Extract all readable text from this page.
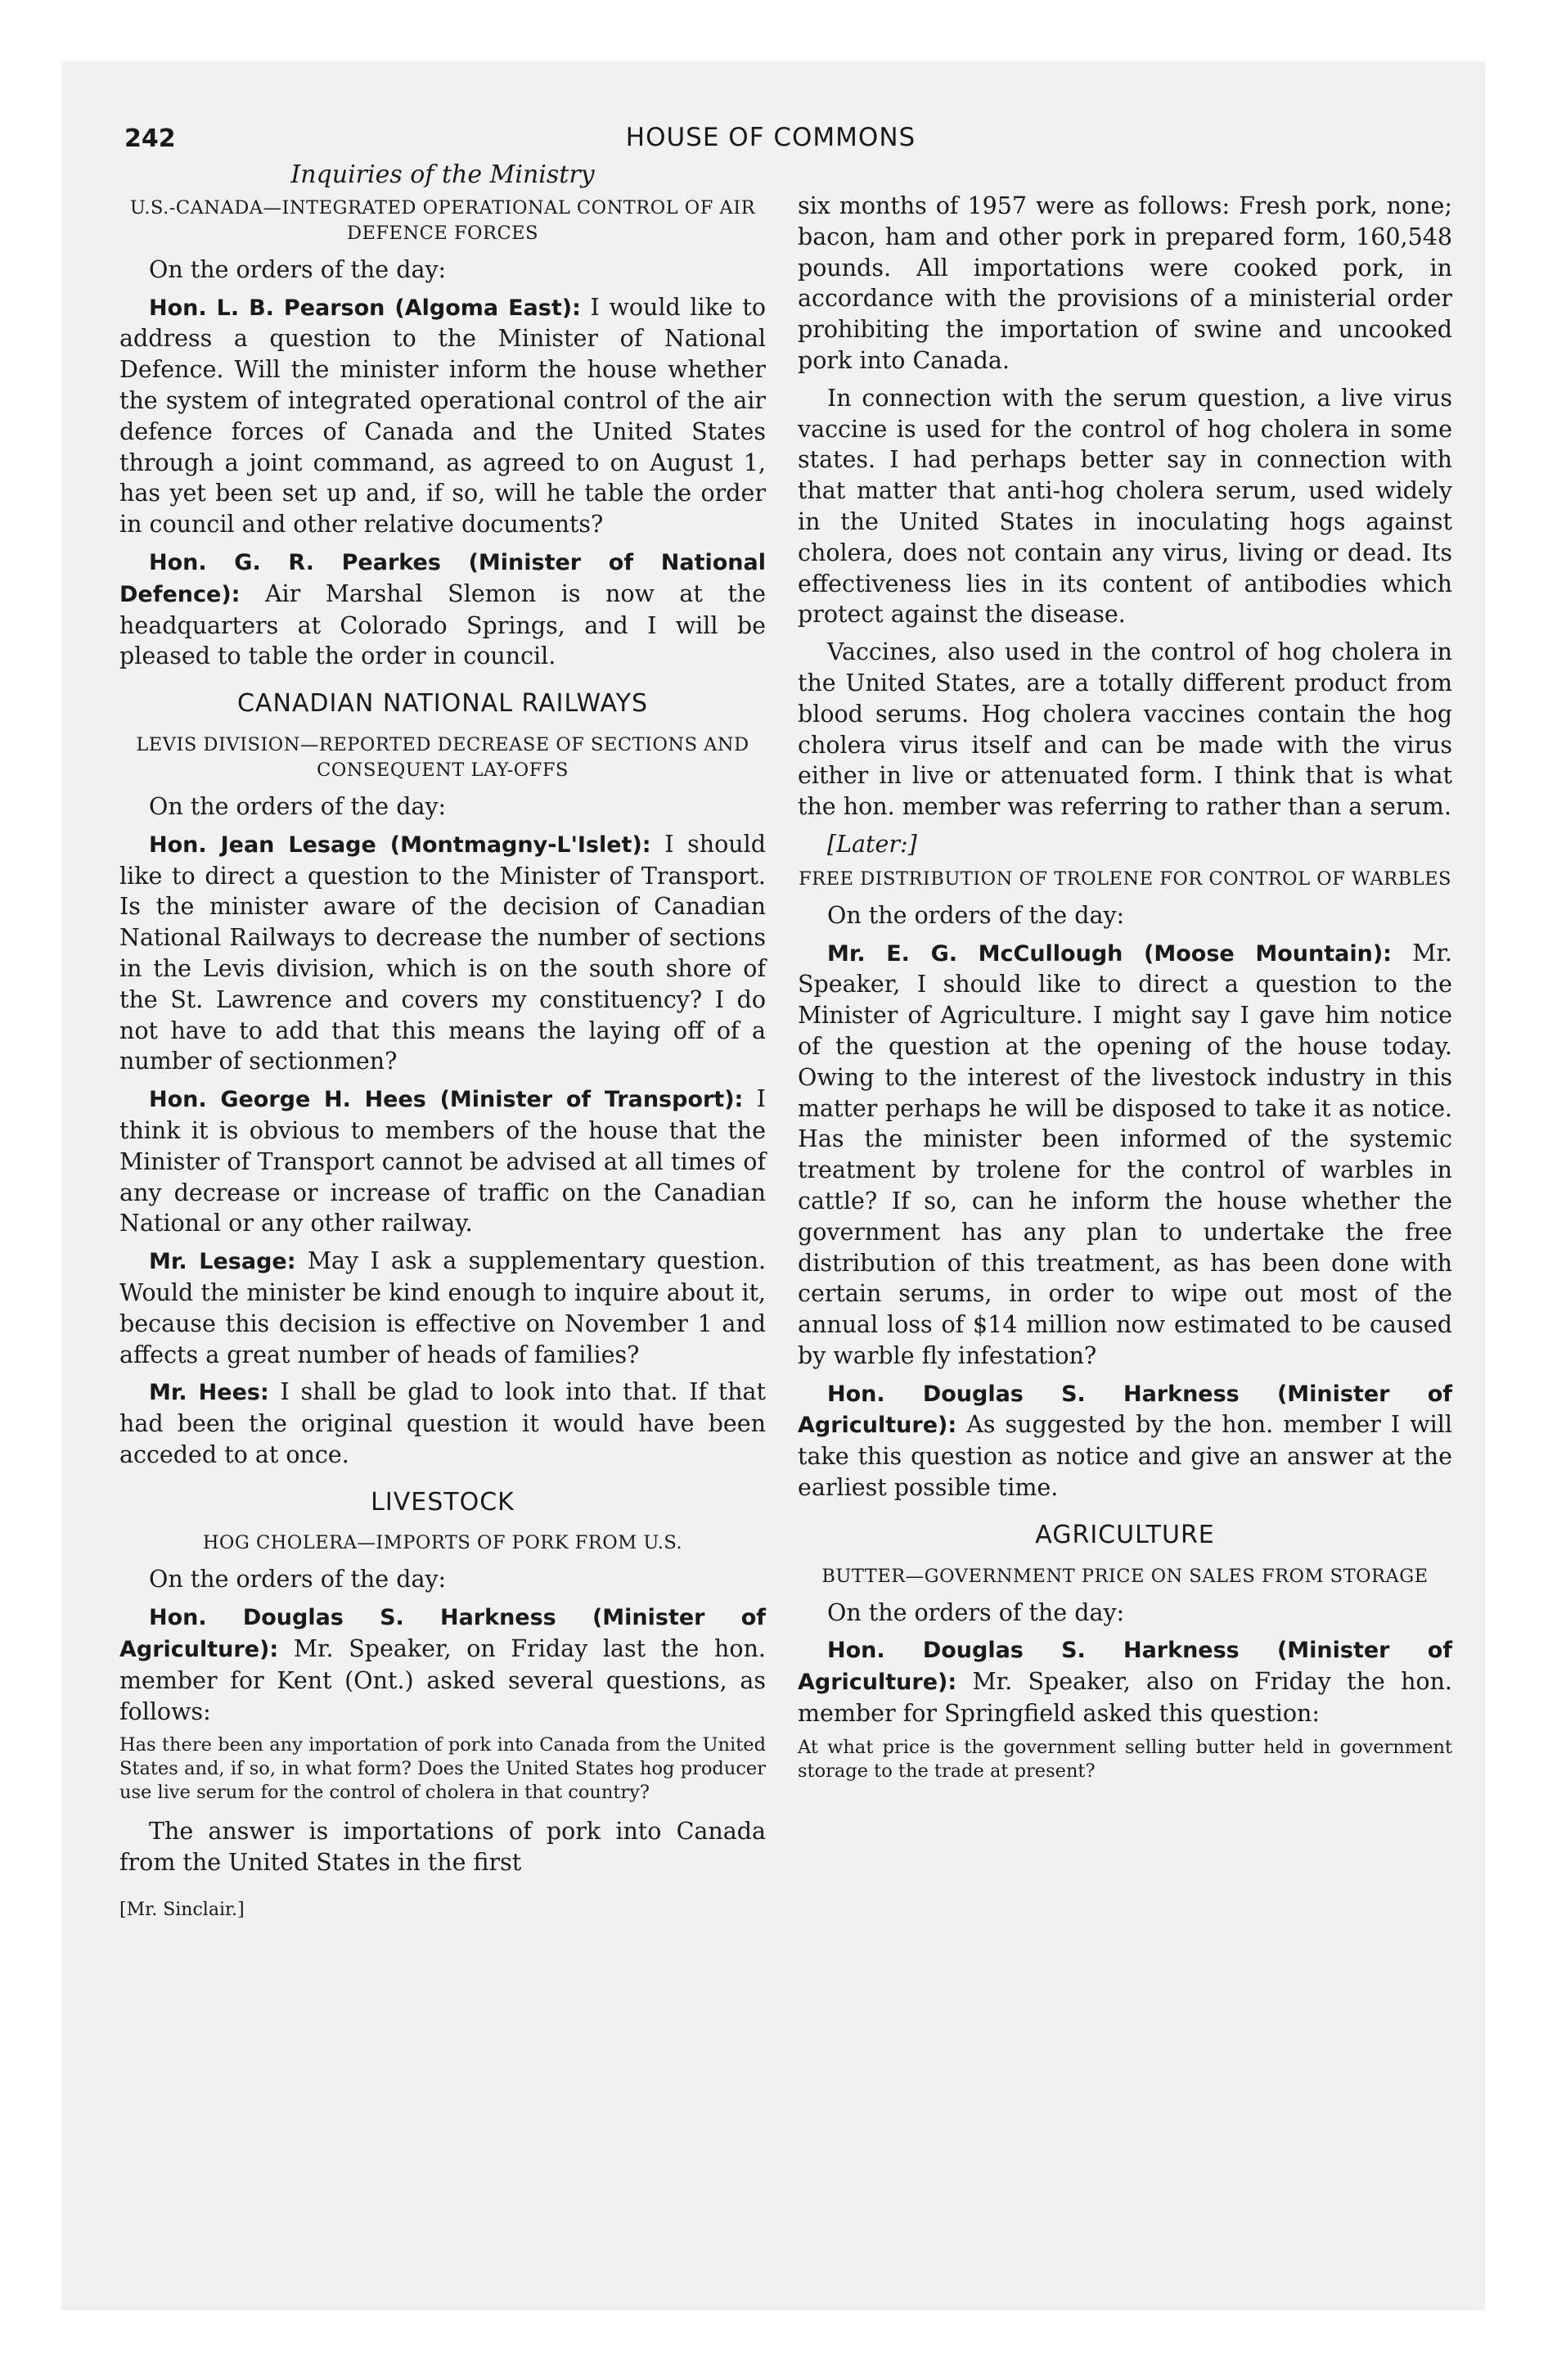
242	HOUSE OF COMMONS

Inquiries of the Ministry

U.S.-CANADA—INTEGRATED OPERATIONAL CONTROL OF AIR DEFENCE FORCES

On the orders of the day:

Hon. L. B. Pearson (Algoma East): I would like to address a question to the Minister of National Defence. Will the minister inform the house whether the system of integrated operational control of the air defence forces of Canada and the United States through a joint command, as agreed to on August 1, has yet been set up and, if so, will he table the order in council and other relative documents?

Hon. G. R. Pearkes (Minister of National Defence): Air Marshal Slemon is now at the headquarters at Colorado Springs, and I will be pleased to table the order in council.

CANADIAN NATIONAL RAILWAYS

LEVIS DIVISION—REPORTED DECREASE OF SECTIONS AND CONSEQUENT LAY-OFFS

On the orders of the day:

Hon. Jean Lesage (Montmagny-L'Islet): I should like to direct a question to the Minister of Transport. Is the minister aware of the decision of Canadian National Railways to decrease the number of sections in the Levis division, which is on the south shore of the St. Lawrence and covers my constituency? I do not have to add that this means the laying off of a number of sectionmen?

Hon. George H. Hees (Minister of Transport): I think it is obvious to members of the house that the Minister of Transport cannot be advised at all times of any decrease or increase of traffic on the Canadian National or any other railway.

Mr. Lesage: May I ask a supplementary question. Would the minister be kind enough to inquire about it, because this decision is effective on November 1 and affects a great number of heads of families?

Mr. Hees: I shall be glad to look into that. If that had been the original question it would have been acceded to at once.

LIVESTOCK

HOG CHOLERA—IMPORTS OF PORK FROM U.S.

On the orders of the day:

Hon. Douglas S. Harkness (Minister of Agriculture): Mr. Speaker, on Friday last the hon. member for Kent (Ont.) asked several questions, as follows:

Has there been any importation of pork into Canada from the United States and, if so, in what form? Does the United States hog producer use live serum for the control of cholera in that country?

The answer is importations of pork into Canada from the United States in the first

[Mr. Sinclair.]

six months of 1957 were as follows: Fresh pork, none; bacon, ham and other pork in prepared form, 160,548 pounds. All importations were cooked pork, in accordance with the provisions of a ministerial order prohibiting the importation of swine and uncooked pork into Canada.

In connection with the serum question, a live virus vaccine is used for the control of hog cholera in some states. I had perhaps better say in connection with that matter that anti-hog cholera serum, used widely in the United States in inoculating hogs against cholera, does not contain any virus, living or dead. Its effectiveness lies in its content of antibodies which protect against the disease.

Vaccines, also used in the control of hog cholera in the United States, are a totally different product from blood serums. Hog cholera vaccines contain the hog cholera virus itself and can be made with the virus either in live or attenuated form. I think that is what the hon. member was referring to rather than a serum.

[Later:]

FREE DISTRIBUTION OF TROLENE FOR CONTROL OF WARBLES

On the orders of the day:

Mr. E. G. McCullough (Moose Mountain): Mr. Speaker, I should like to direct a question to the Minister of Agriculture. I might say I gave him notice of the question at the opening of the house today. Owing to the interest of the livestock industry in this matter perhaps he will be disposed to take it as notice. Has the minister been informed of the systemic treatment by trolene for the control of warbles in cattle? If so, can he inform the house whether the government has any plan to undertake the free distribution of this treatment, as has been done with certain serums, in order to wipe out most of the annual loss of $14 million now estimated to be caused by warble fly infestation?

Hon. Douglas S. Harkness (Minister of Agriculture): As suggested by the hon. member I will take this question as notice and give an answer at the earliest possible time.

AGRICULTURE

BUTTER—GOVERNMENT PRICE ON SALES FROM STORAGE

On the orders of the day:

Hon. Douglas S. Harkness (Minister of Agriculture): Mr. Speaker, also on Friday the hon. member for Springfield asked this question:

At what price is the government selling butter held in government storage to the trade at present?
